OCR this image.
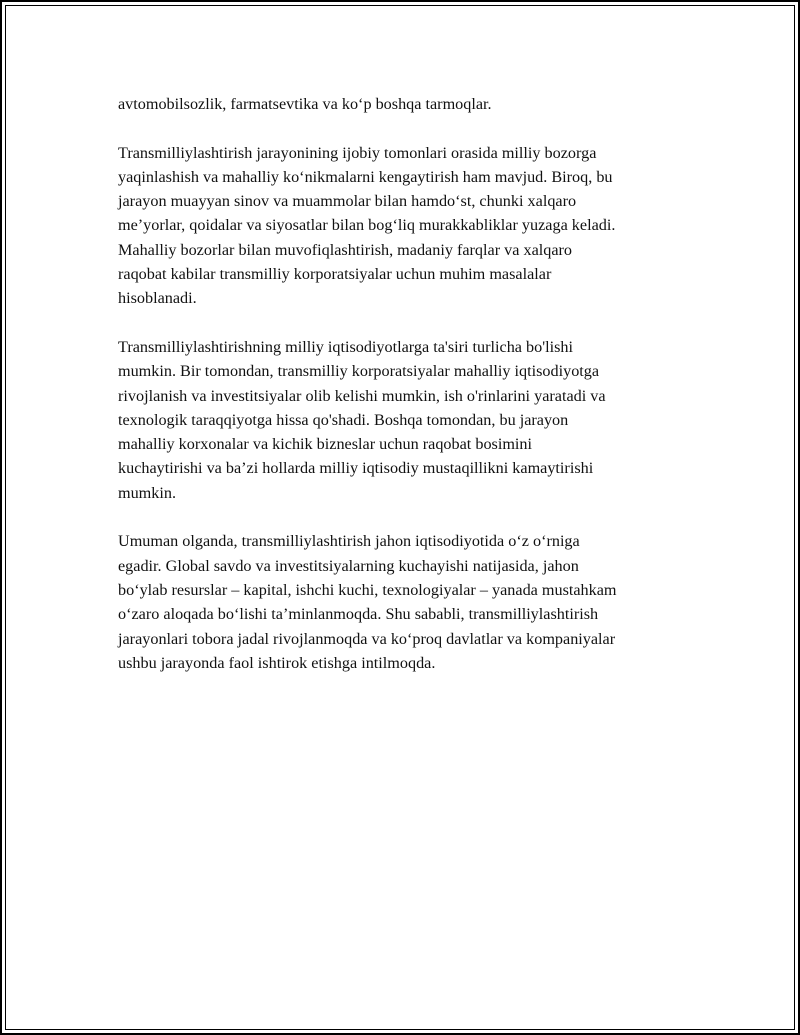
avtomobilsozlik, farmatsevtika va ko‘p boshqa tarmoqlar.

Transmilliylashtirish jarayonining ijobiy tomonlari orasida milliy bozorga
yaqinlashish va mahalliy ko‘nikmalarni kengaytirish ham mavjud. Biroq, bu
jarayon muayyan sinov va muammolar bilan hamdo‘st, chunki xalqaro
me’yorlar, qoidalar va siyosatlar bilan bog‘liq murakkabliklar yuzaga keladi.
Mahalliy bozorlar bilan muvofiqlashtirish, madaniy farqlar va xalqaro
raqobat kabilar transmilliy korporatsiyalar uchun muhim masalalar
hisoblanadi.

Transmilliylashtirishning milliy iqtisodiyotlarga ta'siri turlicha bo'lishi
mumkin. Bir tomondan, transmilliy korporatsiyalar mahalliy iqtisodiyotga
rivojlanish va investitsiyalar olib kelishi mumkin, ish o'rinlarini yaratadi va
texnologik taraqqiyotga hissa qo'shadi. Boshqa tomondan, bu jarayon
mahalliy korxonalar va kichik bizneslar uchun raqobat bosimini
kuchaytirishi va ba’zi hollarda milliy iqtisodiy mustaqillikni kamaytirishi
mumkin.

Umuman olganda, transmilliylashtirish jahon iqtisodiyotida o‘z o‘rniga
egadir. Global savdo va investitsiyalarning kuchayishi natijasida, jahon
bo‘ylab resurslar – kapital, ishchi kuchi, texnologiyalar – yanada mustahkam
o‘zaro aloqada bo‘lishi ta’minlanmoqda. Shu sababli, transmilliylashtirish
jarayonlari tobora jadal rivojlanmoqda va ko‘proq davlatlar va kompaniyalar
ushbu jarayonda faol ishtirok etishga intilmoqda.
